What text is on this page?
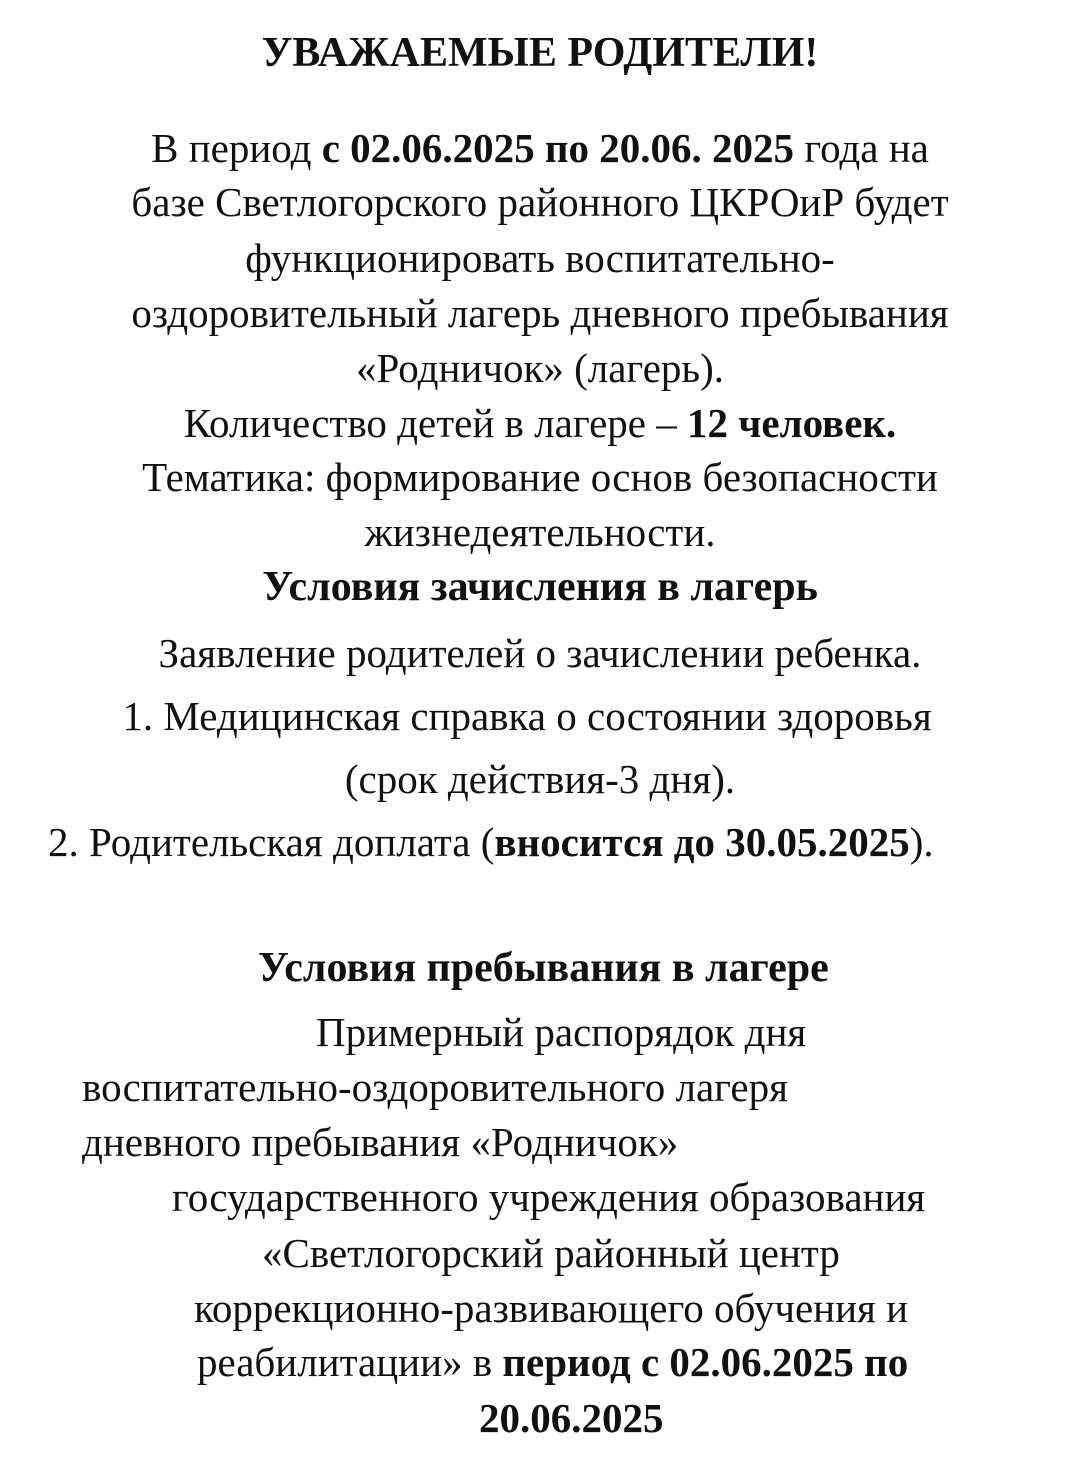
УВАЖАЕМЫЕ РОДИТЕЛИ!

В период с 02.06.2025 по 20.06. 2025 года на

базе Светлогорского районного ЦКРОиР будет

функционировать воспитательно-

оздоровительный лагерь дневного пребывания

«Родничок» (лагерь).

Количество детей в лагере – 12 человек.

Тематика: формирование основ безопасности

жизнедеятельности.

Условия зачисления в лагерь

Заявление родителей о зачислении ребенка.

1. Медицинская справка о состоянии здоровья

(срок действия-3 дня).

2. Родительская доплата (вносится до 30.05.2025).

Условия пребывания в лагере

Примерный распорядок дня

воспитательно-оздоровительного лагеря

дневного пребывания «Родничок»

государственного учреждения образования

«Светлогорский районный центр

коррекционно-развивающего обучения и

реабилитации» в период с 02.06.2025 по

20.06.2025
